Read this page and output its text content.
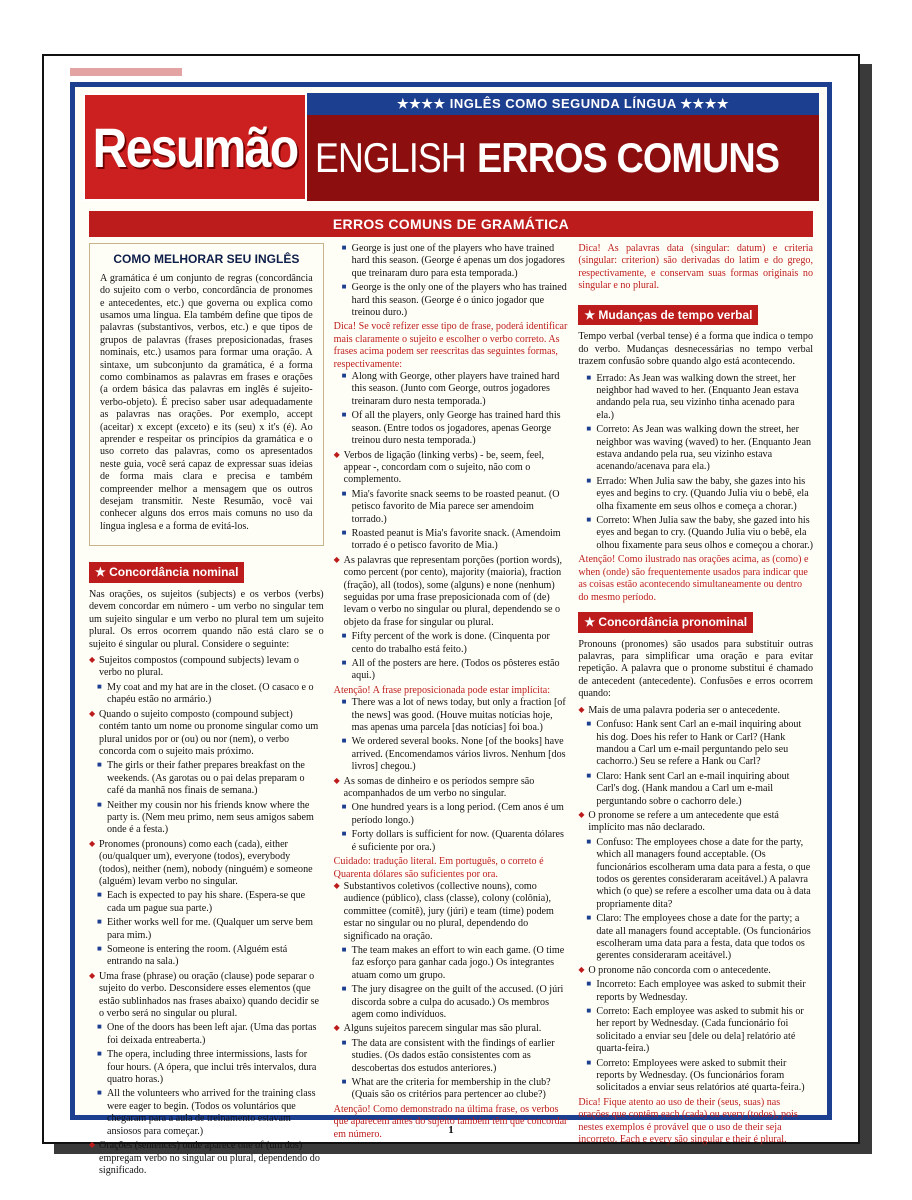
Resumão
★★★★ INGLÊS COMO SEGUNDA LÍNGUA ★★★★
ENGLISH ERROS COMUNS
ERROS COMUNS DE GRAMÁTICA
COMO MELHORAR SEU INGLÊS

A gramática é um conjunto de regras (concordância do sujeito com o verbo, concordância de pronomes e antecedentes, etc.) que governa ou explica como usamos uma língua. Ela também define que tipos de palavras (substantivos, verbos, etc.) e que tipos de grupos de palavras (frases preposicionadas, frases nominais, etc.) usamos para formar uma oração. A sintaxe, um subconjunto da gramática, é a forma como combinamos as palavras em frases e orações (a ordem básica das palavras em inglês é sujeito-verbo-objeto). É preciso saber usar adequadamente as palavras nas orações. Por exemplo, accept (aceitar) x except (exceto) e its (seu) x it's (é). Ao aprender e respeitar os princípios da gramática e o uso correto das palavras, como os apresentados neste guia, você será capaz de expressar suas ideias de forma mais clara e precisa e também compreender melhor a mensagem que os outros desejam transmitir. Neste Resumão, você vai conhecer alguns dos erros mais comuns no uso da língua inglesa e a forma de evitá-los.

★ Concordância nominal

Nas orações, os sujeitos (subjects) e os verbos (verbs) devem concordar em número - um verbo no singular tem um sujeito singular e um verbo no plural tem um sujeito plural. Os erros ocorrem quando não está claro se o sujeito é singular ou plural. Considere o seguinte:

◆ Sujeitos compostos (compound subjects) levam o verbo no plural.
■ My coat and my hat are in the closet. (O casaco e o chapéu estão no armário.)
◆ Quando o sujeito composto (compound subject) contém tanto um nome ou pronome singular como um plural unidos por or (ou) ou nor (nem), o verbo concorda com o sujeito mais próximo.
■ The girls or their father prepares breakfast on the weekends. (As garotas ou o pai delas preparam o café da manhã nos finais de semana.)
■ Neither my cousin nor his friends know where the party is. (Nem meu primo, nem seus amigos sabem onde é a festa.)
◆ Pronomes (pronouns) como each (cada), either (ou/qualquer um), everyone (todos), everybody (todos), neither (nem), nobody (ninguém) e someone (alguém) levam verbo no singular.
■ Each is expected to pay his share. (Espera-se que cada um pague sua parte.)
■ Either works well for me. (Qualquer um serve bem para mim.)
■ Someone is entering the room. (Alguém está entrando na sala.)
◆ Uma frase (phrase) ou oração (clause) pode separar o sujeito do verbo. Desconsidere esses elementos (que estão sublinhados nas frases abaixo) quando decidir se o verbo será no singular ou plural.
■ One of the doors has been left ajar. (Uma das portas foi deixada entreaberta.)
■ The opera, including three intermissions, lasts for four hours. (A ópera, que inclui três intervalos, dura quatro horas.)
■ All the volunteers who arrived for the training class were eager to begin. (Todos os voluntários que chegaram para a aula de treinamento estavam ansiosos para começar.)
◆ Orações (sentences) onde aparece one of (um dos) empregam verbo no singular ou plural, dependendo do significado.
■ George is just one of the players who have trained hard this season. (George é apenas um dos jogadores que treinaram duro para esta temporada.)
■ George is the only one of the players who has trained hard this season. (George é o único jogador que treinou duro.)
Dica! Se você refizer esse tipo de frase, poderá identificar mais claramente o sujeito e escolher o verbo correto. As frases acima podem ser reescritas das seguintes formas, respectivamente:
■ Along with George, other players have trained hard this season. (Junto com George, outros jogadores treinaram duro nesta temporada.)
■ Of all the players, only George has trained hard this season. (Entre todos os jogadores, apenas George treinou duro nesta temporada.)
◆ Verbos de ligação (linking verbs) - be, seem, feel, appear -, concordam com o sujeito, não com o complemento.
■ Mia's favorite snack seems to be roasted peanut. (O petisco favorito de Mia parece ser amendoim torrado.)
■ Roasted peanut is Mia's favorite snack. (Amendoim torrado é o petisco favorito de Mia.)
◆ As palavras que representam porções (portion words), como percent (por cento), majority (maioria), fraction (fração), all (todos), some (alguns) e none (nenhum) seguidas por uma frase preposicionada com of (de) levam o verbo no singular ou plural, dependendo se o objeto da frase for singular ou plural.
■ Fifty percent of the work is done. (Cinquenta por cento do trabalho está feito.)
■ All of the posters are here. (Todos os pôsteres estão aqui.)
Atenção! A frase preposicionada pode estar implícita:
■ There was a lot of news today, but only a fraction [of the news] was good. (Houve muitas notícias hoje, mas apenas uma parcela [das notícias] foi boa.)
■ We ordered several books. None [of the books] have arrived. (Encomendamos vários livros. Nenhum [dos livros] chegou.)
◆ As somas de dinheiro e os períodos sempre são acompanhados de um verbo no singular.
■ One hundred years is a long period. (Cem anos é um período longo.)
■ Forty dollars is sufficient for now. (Quarenta dólares é suficiente por ora.)
Cuidado: tradução literal. Em português, o correto é Quarenta dólares são suficientes por ora.
◆ Substantivos coletivos (collective nouns), como audience (público), class (classe), colony (colônia), committee (comitê), jury (júri) e team (time) podem estar no singular ou no plural, dependendo do significado na oração.
■ The team makes an effort to win each game. (O time faz esforço para ganhar cada jogo.) Os integrantes atuam como um grupo.
■ The jury disagree on the guilt of the accused. (O júri discorda sobre a culpa do acusado.) Os membros agem como indivíduos.
◆ Alguns sujeitos parecem singular mas são plural.
■ The data are consistent with the findings of earlier studies. (Os dados estão consistentes com as descobertas dos estudos anteriores.)
■ What are the criteria for membership in the club? (Quais são os critérios para pertencer ao clube?)
Atenção! Como demonstrado na última frase, os verbos que aparecem antes do sujeito também têm que concordar em número.

Dica! As palavras data (singular: datum) e criteria (singular: criterion) são derivadas do latim e do grego, respectivamente, e conservam suas formas originais no singular e no plural.

★ Mudanças de tempo verbal

Tempo verbal (verbal tense) é a forma que indica o tempo do verbo. Mudanças desnecessárias no tempo verbal trazem confusão sobre quando algo está acontecendo.

■ Errado: As Jean was walking down the street, her neighbor had waved to her. (Enquanto Jean estava andando pela rua, seu vizinho tinha acenado para ela.)
■ Correto: As Jean was walking down the street, her neighbor was waving (waved) to her. (Enquanto Jean estava andando pela rua, seu vizinho estava acenando/acenava para ela.)
■ Errado: When Julia saw the baby, she gazes into his eyes and begins to cry. (Quando Julia viu o bebê, ela olha fixamente em seus olhos e começa a chorar.)
■ Correto: When Julia saw the baby, she gazed into his eyes and began to cry. (Quando Julia viu o bebê, ela olhou fixamente para seus olhos e começou a chorar.)
Atenção! Como ilustrado nas orações acima, as (como) e when (onde) são frequentemente usados para indicar que as coisas estão acontecendo simultaneamente ou dentro do mesmo período.
★ Concordância pronominal

Pronouns (pronomes) são usados para substituir outras palavras, para simplificar uma oração e para evitar repetição. A palavra que o pronome substitui é chamado de antecedent (antecedente). Confusões e erros ocorrem quando:

◆ Mais de uma palavra poderia ser o antecedente.
■ Confuso: Hank sent Carl an e-mail inquiring about his dog. Does his refer to Hank or Carl? (Hank mandou a Carl um e-mail perguntando pelo seu cachorro.) Seu se refere a Hank ou Carl?
■ Claro: Hank sent Carl an e-mail inquiring about Carl's dog. (Hank mandou a Carl um e-mail perguntando sobre o cachorro dele.)
◆ O pronome se refere a um antecedente que está implícito mas não declarado.
■ Confuso: The employees chose a date for the party, which all managers found acceptable. (Os funcionários escolheram uma data para a festa, o que todos os gerentes consideraram aceitável.) A palavra which (o que) se refere a escolher uma data ou à data propriamente dita?
■ Claro: The employees chose a date for the party; a date all managers found acceptable. (Os funcionários escolheram uma data para a festa, data que todos os gerentes consideraram aceitável.)
◆ O pronome não concorda com o antecedente.
■ Incorreto: Each employee was asked to submit their reports by Wednesday.
■ Correto: Each employee was asked to submit his or her report by Wednesday. (Cada funcionário foi solicitado a enviar seu [dele ou dela] relatório até quarta-feira.)
■ Correto: Employees were asked to submit their reports by Wednesday. (Os funcionários foram solicitados a enviar seus relatórios até quarta-feira.)
Dica! Fique atento ao uso de their (seus, suas) nas orações que contêm each (cada) ou every (todos), pois nestes exemplos é provável que o uso de their seja incorreto. Each e every são singular e their é plural.
1
